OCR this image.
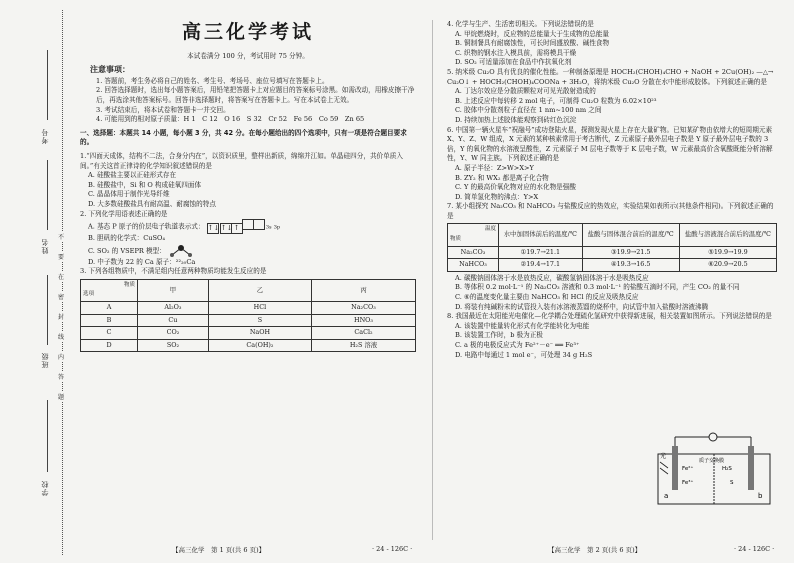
考号
姓名
班级
学校
不
要
在
密
封
线
内
答
题
高三化学考试

本试卷满分 100 分，考试用时 75 分钟。

注意事项：

1. 答题前，考生务必将自己的姓名、考生号、考场号、座位号填写在答题卡上。

2. 回答选择题时，选出每小题答案后，用铅笔把答题卡上对应题目的答案标号涂黑。如需改动，用橡皮擦干净后，再选涂其他答案标号。回答非选择题时，将答案写在答题卡上。写在本试卷上无效。

3. 考试结束后，将本试卷和答题卡一并交回。

4. 可能用到的相对原子质量：H 1　C 12　O 16　S 32　Cr 52　Fe 56　Co 59　Zn 65

一、选择题：本题共 14 小题，每小题 3 分，共 42 分。在每小题给出的四个选项中，只有一项是符合题目要求的。

1.“四面天成体，结构不二法，合身分内在”，以资识质里，整样出新质，绵绵并江如。单晶硅四分，共价单质入间。”有关这首正律诗的化学知识叙述错误的是

A. 硅酸盐主要以正硅形式存在

B. 硅酸盐中，Si 和 O 构成硅氧四面体

C. 晶晶体用于制作光导纤维

D. 大多数硅酸盐具有耐高温、耐腐蚀的特点

2. 下列化学用语表述正确的是

A. 基态 P 原子的价层电子轨道表示式： ↑↓ ↑↓↑	3s 3p

B. 胆矾的化学式：CuSO₄

C. SO₂ 的 VSEPR 模型：

D. 中子数为 22 的 Ca 原子：²²₂₀Ca

3. 下列各组物质中，不满足组内任意两种物质均能发生反应的是

物质
选项	甲	乙	丙
A	Al₂O₃	HCl	Na₂CO₃
B	Cu	S	HNO₃
C	CO₂	NaOH	CaCl₂
D	SO₂	Ca(OH)₂	H₂S 溶液
【高三化学　第 1 页(共 6 页)】	· 24 - 126C ·

4. 化学与生产、生活密切相关。下列说法错误的是

A. 甲烷燃烧时，反应物的总能量大于生成物的总能量

B. 铜制餐具有耐腐蚀性，可长时间盛放酸、碱性食物

C. 织物的钢水注入模具前，需将模具干燥

D. SO₂ 可适量添加在食品中作抗氧化剂

5. 纳米级 Cu₂O 具有优良的催化性能。一种制备原理是 HOCH₂(CHOH)₄CHO + NaOH + 2Cu(OH)₂ —△→ Cu₂O↓ + HOCH₂(CHOH)₄COONa + 3H₂O，将纳米级 Cu₂O 分散在水中能形成胶体。下列叙述正确的是

A. 丁达尔效应是分散质颗粒对可见光散射造成的

B. 上述反应中每转移 2 mol 电子，可制得 Cu₂O 粒数为 6.02×10²³

C. 胶体中分散剂粒子直径在 1 nm~100 nm 之间

D. 持续加热上述胶体能观察到砖红色沉淀

6. 中国第一辆火星车“祝融号”成功登陆火星，探测发现火星上存在大量矿物。已知某矿物由依增大的短周期元素 X、Y、Z、W 组成，X 元素的某种核素常用于考古断代，Z 元素原子最外层电子数是 Y 原子最外层电子数的 3 倍，Y 的氧化物的水溶液呈酸性，Z 元素原子 M 层电子数等于 K 层电子数，W 元素最高价含氧酸既能分析溶解性，Y、W 同主族。下列叙述正确的是

A. 原子半径：Z>W>X>Y

B. ZY₂ 和 WX₂ 都是离子化合物

C. Y 的最高价氧化物对应的水化物是强酸

D. 简单氢化物的沸点：Y>X

7. 某小组探究 Na₂CO₃ 和 NaHCO₃ 与盐酸反应的热效应，实验结果如表所示(其他条件相同)。下列叙述正确的是

温度
物质	水中加固体前后的温度/℃	盐酸与固体混合前后的温度/℃	盐酸与溶液混合前后的温度/℃
Na₂CO₃	①19.7→21.1	③19.9→21.5	⑤19.9→19.9
NaHCO₃	②19.4→17.1	④19.3→16.5	⑥20.9→20.5

A. 碳酸钠固体溶于水是放热反应，碳酸氢钠固体溶于水是吸热反应

B. 等体积 0.2 mol·L⁻¹ 的 Na₂CO₃ 溶液和 0.3 mol·L⁻¹ 的盐酸互滴时不同，产生 CO₂ 的量不同

C. ⑥的温度变化量主要由 NaHCO₃ 和 HCl 的反应及吸热反应

D. 将装有纯碱粉末的试管投入装有冰溶液蒸馏的烧杯中，向试管中加入盐酸时溶液沸腾

8. 我国最近在太阳能光电催化—化学耦合处理硫化氢研究中获得新进展，相关装置如图所示。下列说法错误的是

A. 该装置中能量转化形式有化学能转化为电能

B. 该装置工作时，b 极为正极

C. a 极的电极反应式为 Fe²⁺－e⁻ ══ Fe³⁺

D. 电路中每通过 1 mol e⁻，可处理 34 g H₂S

光
a	b
Fe²⁺
Fe³⁺
H₂S
S
质子交换膜
【高三化学　第 2 页(共 6 页)】	· 24 - 126C ·
